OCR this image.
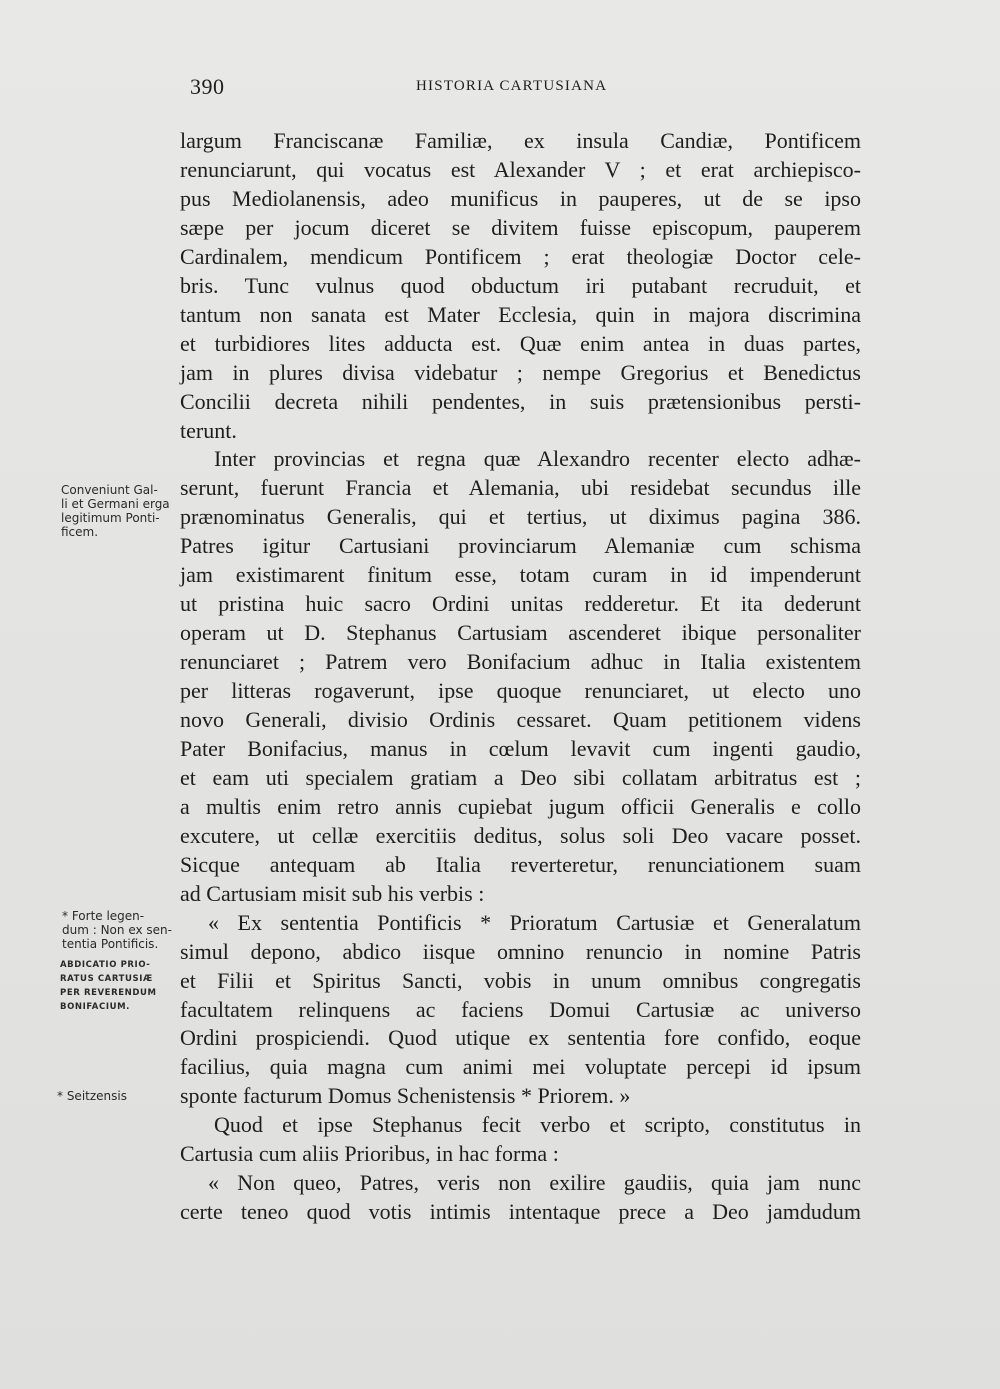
390	HISTORIA CARTUSIANA
largum Franciscanæ Familiæ, ex insula Candiæ, Pontificem
renunciarunt, qui vocatus est Alexander V ; et erat archiepisco-
pus Mediolanensis, adeo munificus in pauperes, ut de se ipso
sæpe per jocum diceret se divitem fuisse episcopum, pauperem
Cardinalem, mendicum Pontificem ; erat theologiæ Doctor cele-
bris. Tunc vulnus quod obductum iri putabant recruduit, et
tantum non sanata est Mater Ecclesia, quin in majora discrimina
et turbidiores lites adducta est. Quæ enim antea in duas partes,
jam in plures divisa videbatur ; nempe Gregorius et Benedictus
Concilii decreta nihili pendentes, in suis prætensionibus persti-
terunt.
Inter provincias et regna quæ Alexandro recenter electo adhæ-
serunt, fuerunt Francia et Alemania, ubi residebat secundus ille
prænominatus Generalis, qui et tertius, ut diximus pagina 386.
Patres igitur Cartusiani provinciarum Alemaniæ cum schisma
jam existimarent finitum esse, totam curam in id impenderunt
ut pristina huic sacro Ordini unitas redderetur. Et ita dederunt
operam ut D. Stephanus Cartusiam ascenderet ibique personaliter
renunciaret ; Patrem vero Bonifacium adhuc in Italia existentem
per litteras rogaverunt, ipse quoque renunciaret, ut electo uno
novo Generali, divisio Ordinis cessaret. Quam petitionem videns
Pater Bonifacius, manus in cœlum levavit cum ingenti gaudio,
et eam uti specialem gratiam a Deo sibi collatam arbitratus est ;
a multis enim retro annis cupiebat jugum officii Generalis e collo
excutere, ut cellæ exercitiis deditus, solus soli Deo vacare posset.
Sicque antequam ab Italia reverteretur, renunciationem suam
ad Cartusiam misit sub his verbis :
« Ex sententia Pontificis * Prioratum Cartusiæ et Generalatum
simul depono, abdico iisque omnino renuncio in nomine Patris
et Filii et Spiritus Sancti, vobis in unum omnibus congregatis
facultatem relinquens ac faciens Domui Cartusiæ ac universo
Ordini prospiciendi. Quod utique ex sententia fore confido, eoque
facilius, quia magna cum animi mei voluptate percepi id ipsum
sponte facturum Domus Schenistensis * Priorem. »
Quod et ipse Stephanus fecit verbo et scripto, constitutus in
Cartusia cum aliis Prioribus, in hac forma :
« Non queo, Patres, veris non exilire gaudiis, quia jam nunc
certe teneo quod votis intimis intentaque prece a Deo jamdudum
Conveniunt Gal-
li et Germani erga
legitimum Ponti-
ficem.
* Forte legen-
dum : Non ex sen-
tentia Pontificis.
ABDICATIO PRIO-
RATUS CARTUSIÆ
PER REVERENDUM
BONIFACIUM.
* Seitzensis
